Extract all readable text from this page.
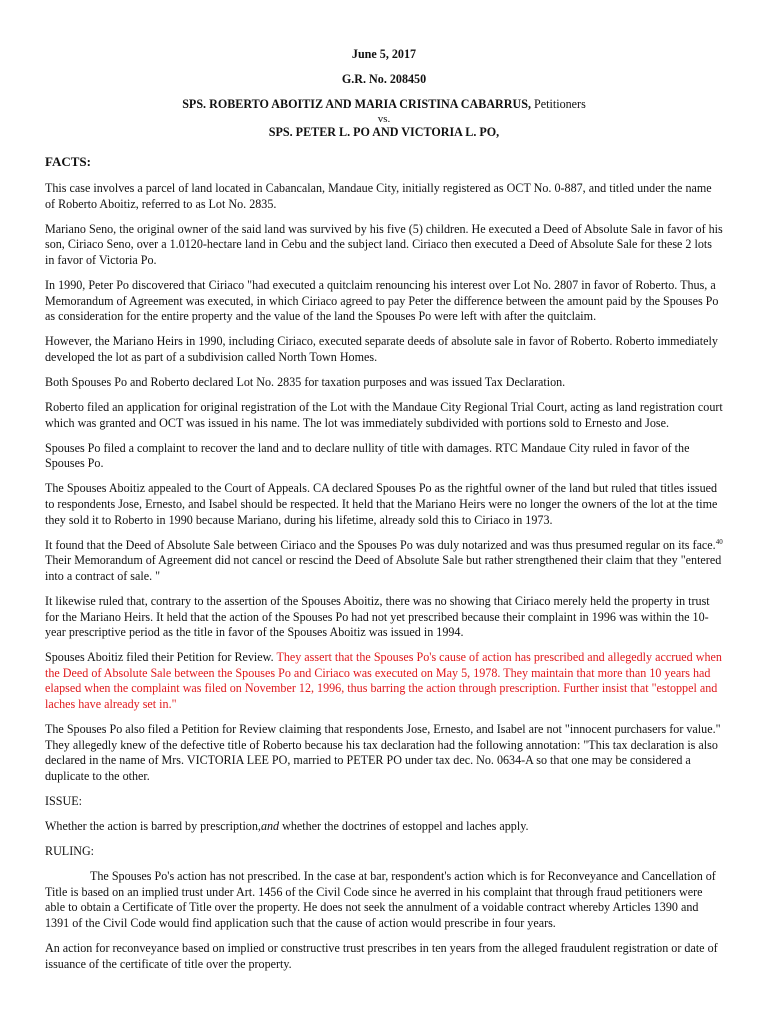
June 5, 2017
G.R. No. 208450
SPS. ROBERTO ABOITIZ AND MARIA CRISTINA CABARRUS, Petitioners
vs.
SPS. PETER L. PO AND VICTORIA L. PO,
FACTS:

This case involves a parcel of land located in Cabancalan, Mandaue City, initially registered as OCT No. 0-887, and titled under the name of Roberto Aboitiz, referred to as Lot No. 2835.

Mariano Seno, the original owner of the said land was survived by his five (5) children. He executed a Deed of Absolute Sale in favor of his son, Ciriaco Seno, over a 1.0120-hectare land in Cebu and the subject land. Ciriaco then executed a Deed of Absolute Sale for these 2 lots in favor of Victoria Po.

In 1990, Peter Po discovered that Ciriaco "had executed a quitclaim renouncing his interest over Lot No. 2807 in favor of Roberto. Thus, a Memorandum of Agreement was executed, in which Ciriaco agreed to pay Peter the difference between the amount paid by the Spouses Po as consideration for the entire property and the value of the land the Spouses Po were left with after the quitclaim.

However, the Mariano Heirs in 1990, including Ciriaco, executed separate deeds of absolute sale in favor of Roberto. Roberto immediately developed the lot as part of a subdivision called North Town Homes.

Both Spouses Po and Roberto declared Lot No. 2835 for taxation purposes and was issued Tax Declaration.

Roberto filed an application for original registration of the Lot with the Mandaue City Regional Trial Court, acting as land registration court which was granted and OCT was issued in his name. The lot was immediately subdivided with portions sold to Ernesto and Jose.

Spouses Po filed a complaint to recover the land and to declare nullity of title with damages. RTC Mandaue City ruled in favor of the Spouses Po.

The Spouses Aboitiz appealed to the Court of Appeals. CA declared Spouses Po as the rightful owner of the land but ruled that titles issued to respondents Jose, Ernesto, and Isabel should be respected. It held that the Mariano Heirs were no longer the owners of the lot at the time they sold it to Roberto in 1990 because Mariano, during his lifetime, already sold this to Ciriaco in 1973.

It found that the Deed of Absolute Sale between Ciriaco and the Spouses Po was duly notarized and was thus presumed regular on its face.$^{40}$ Their Memorandum of Agreement did not cancel or rescind the Deed of Absolute Sale but rather strengthened their claim that they "entered into a contract of sale. "

It likewise ruled that, contrary to the assertion of the Spouses Aboitiz, there was no showing that Ciriaco merely held the property in trust for the Mariano Heirs. It held that the action of the Spouses Po had not yet prescribed because their complaint in 1996 was within the 10-year prescriptive period as the title in favor of the Spouses Aboitiz was issued in 1994.

Spouses Aboitiz filed their Petition for Review. They assert that the Spouses Po's cause of action has prescribed and allegedly accrued when the Deed of Absolute Sale between the Spouses Po and Ciriaco was executed on May 5, 1978. They maintain that more than 10 years had elapsed when the complaint was filed on November 12, 1996, thus barring the action through prescription. Further insist that "estoppel and laches have already set in."

The Spouses Po also filed a Petition for Review claiming that respondents Jose, Ernesto, and Isabel are not "innocent purchasers for value." They allegedly knew of the defective title of Roberto because his tax declaration had the following annotation: "This tax declaration is also declared in the name of Mrs. VICTORIA LEE PO, married to PETER PO under tax dec. No. 0634-A so that one may be considered a duplicate to the other.

ISSUE:

Whether the action is barred by prescription,and whether the doctrines of estoppel and laches apply.

RULING:

The Spouses Po's action has not prescribed. In the case at bar, respondent's action which is for Reconveyance and Cancellation of Title is based on an implied trust under Art. 1456 of the Civil Code since he averred in his complaint that through fraud petitioners were able to obtain a Certificate of Title over the property. He does not seek the annulment of a voidable contract whereby Articles 1390 and 1391 of the Civil Code would find application such that the cause of action would prescribe in four years.

An action for reconveyance based on implied or constructive trust prescribes in ten years from the alleged fraudulent registration or date of issuance of the certificate of title over the property.
